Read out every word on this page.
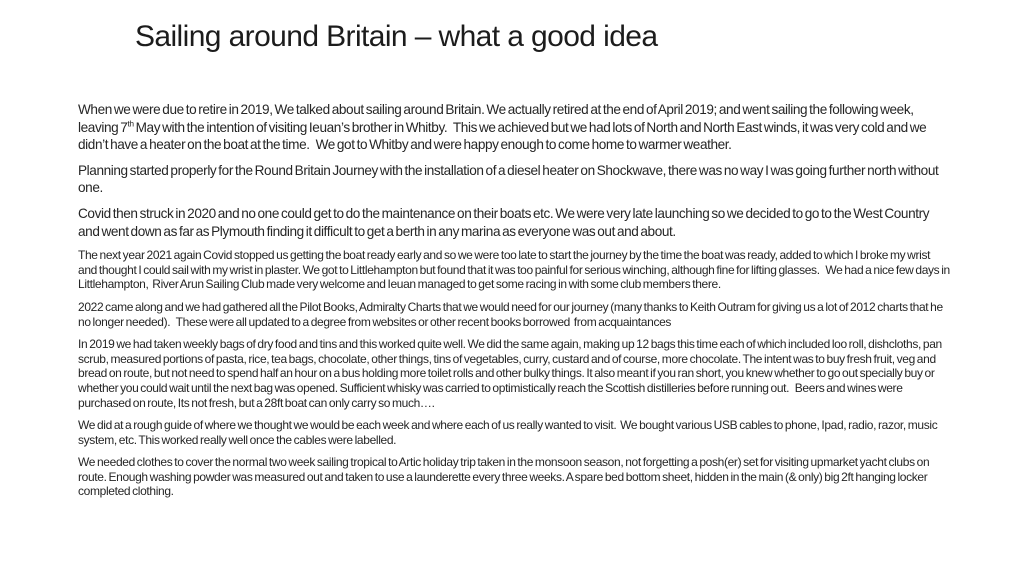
Sailing around Britain – what a good idea

When we were due to retire in 2019, We talked about sailing around Britain. We actually retired at the end of April 2019; and went sailing the following week, leaving 7th May with the intention of visiting Ieuan’s brother in Whitby.   This we achieved but we had lots of North and North East winds, it was very cold and we didn’t have a heater on the boat at the time.   We got to Whitby and were happy enough to come home to warmer weather.

Planning started properly for the Round Britain Journey with the installation of a diesel heater on Shockwave, there was no way I was going further north without one.

Covid then struck in 2020 and no one could get to do the maintenance on their boats etc. We were very late launching so we decided to go to the West Country and went down as far as Plymouth finding it difficult to get a berth in any marina as everyone was out and about.

The next year 2021 again Covid stopped us getting the boat ready early and so we were too late to start the journey by the time the boat was ready, added to which I broke my wrist and thought I could sail with my wrist in plaster. We got to Littlehampton but found that it was too painful for serious winching, although fine for lifting glasses.   We had a nice few days in Littlehampton,  River Arun Sailing Club made very welcome and Ieuan managed to get some racing in with some club members there.

2022 came along and we had gathered all the Pilot Books, Admiralty Charts that we would need for our journey (many thanks to Keith Outram for giving us a lot of 2012 charts that he no longer needed).   These were all updated to a degree from websites or other recent books borrowed  from acquaintances

In 2019 we had taken weekly bags of dry food and tins and this worked quite well. We did the same again, making up 12 bags this time each of which included loo roll, dishcloths, pan scrub, measured portions of pasta, rice, tea bags, chocolate, other things, tins of vegetables, curry, custard and of course, more chocolate. The intent was to buy fresh fruit, veg and bread on route, but not need to spend half an hour on a bus holding more toilet rolls and other bulky things. It also meant if you ran short, you knew whether to go out specially buy or whether you could wait until the next bag was opened. Sufficient whisky was carried to optimistically reach the Scottish distilleries before running out.   Beers and wines were purchased on route, Its not fresh, but a 28ft boat can only carry so much….

We did at a rough guide of where we thought we would be each week and where each of us really wanted to visit.  We bought various USB cables to phone, Ipad, radio, razor, music system, etc. This worked really well once the cables were labelled.

We needed clothes to cover the normal two week sailing tropical to Artic holiday trip taken in the monsoon season, not forgetting a posh(er) set for visiting upmarket yacht clubs on route. Enough washing powder was measured out and taken to use a launderette every three weeks. A spare bed bottom sheet, hidden in the main (& only) big 2ft hanging locker completed clothing.
